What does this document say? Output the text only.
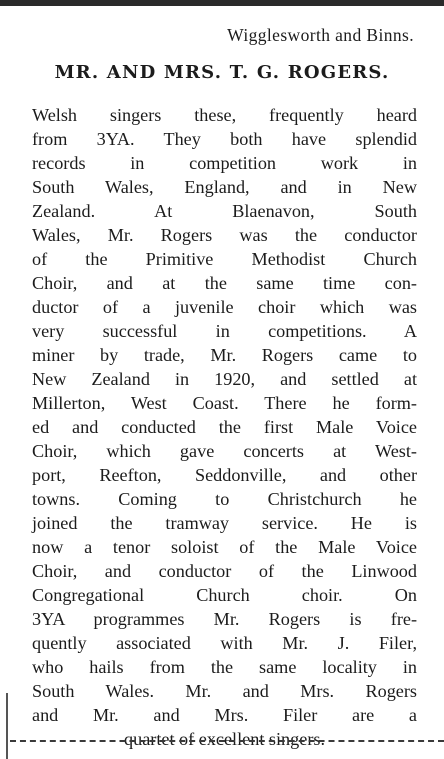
Wigglesworth and Binns.
MR. AND MRS. T. G. ROGERS.
Welsh singers these, frequently heard
from 3YA. They both have splendid
records in competition work in
South Wales, England, and in New
Zealand. At Blaenavon, South
Wales, Mr. Rogers was the conductor
of the Primitive Methodist Church
Choir, and at the same time con-
ductor of a juvenile choir which was
very successful in competitions. A
miner by trade, Mr. Rogers came to
New Zealand in 1920, and settled at
Millerton, West Coast. There he form-
ed and conducted the first Male Voice
Choir, which gave concerts at West-
port, Reefton, Seddonville, and other
towns. Coming to Christchurch he
joined the tramway service. He is
now a tenor soloist of the Male Voice
Choir, and conductor of the Linwood
Congregational Church choir. On
3YA programmes Mr. Rogers is fre-
quently associated with Mr. J. Filer,
who hails from the same locality in
South Wales. Mr. and Mrs. Rogers
and Mr. and Mrs. Filer are a
quartet of excellent singers.
